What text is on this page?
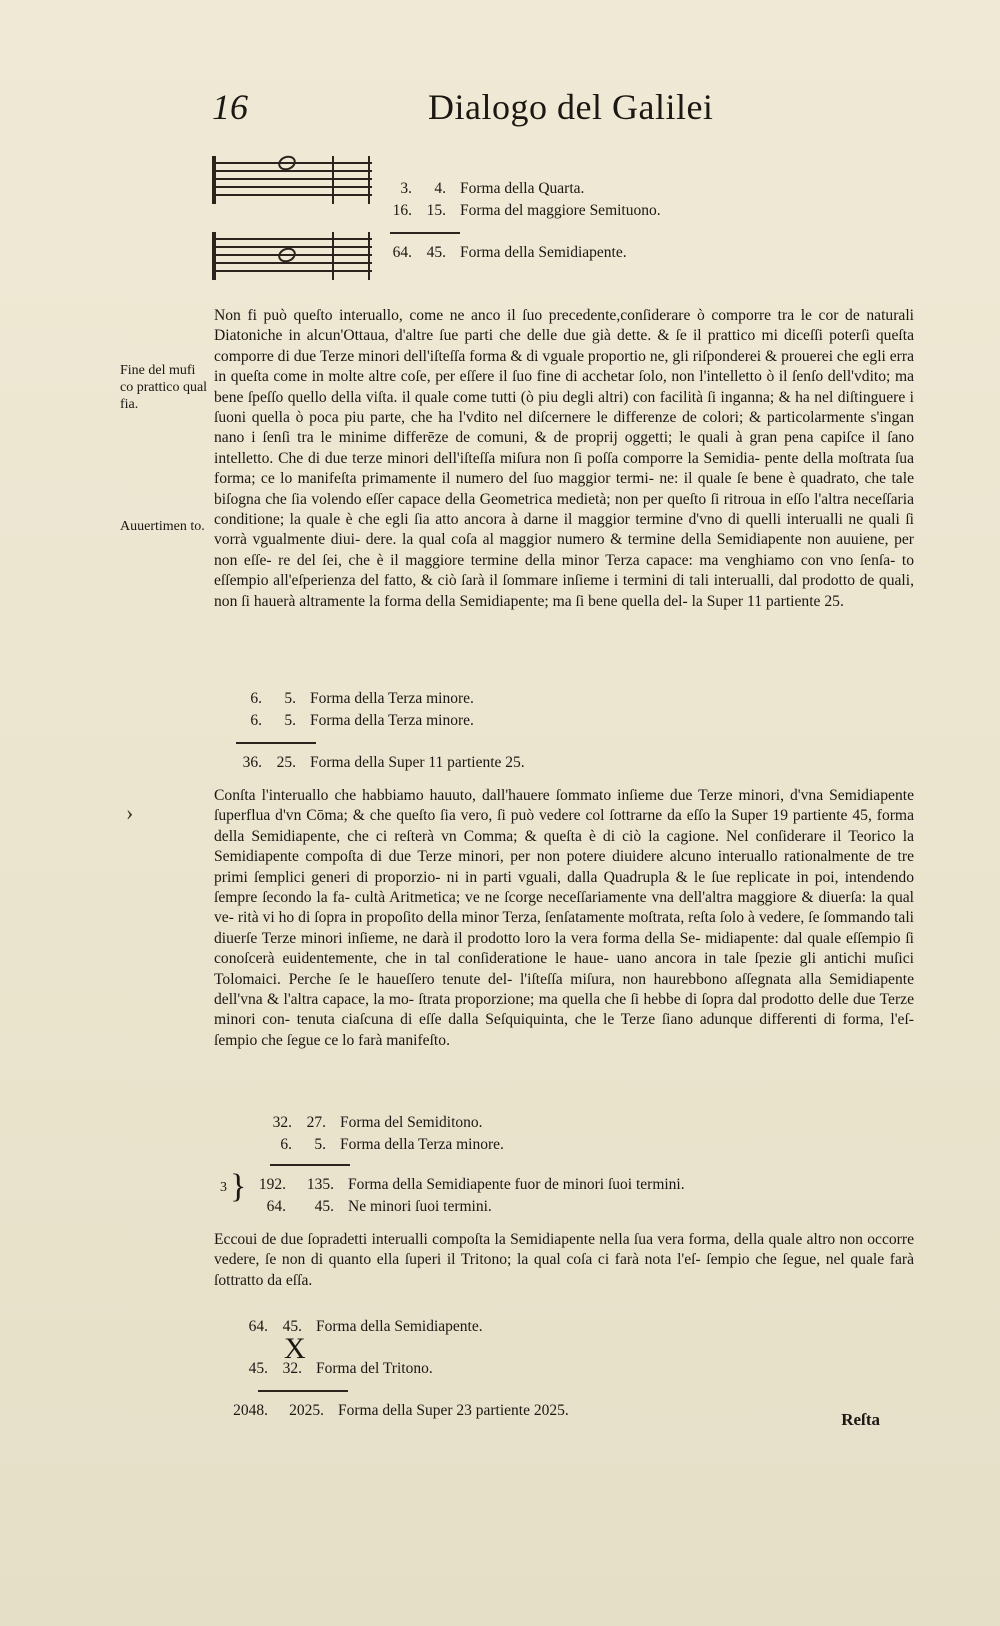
16	Dialogo del Galilei
3. 4. Forma della Quarta.
16. 15. Forma del maggiore Semituono.
64. 45. Forma della Semidiapente.
Fine del mufi co prattico qual fia.
Auuertimen to.
Non fi può queſto interuallo, come ne anco il ſuo precedente,conſiderare ò comporre tra le cor de naturali Diatoniche in alcun'Ottaua, d'altre ſue parti che delle due già dette. & ſe il prattico mi diceſſi poterſi queſta comporre di due Terze minori dell'iſteſſa forma & di vguale proportio ne, gli riſponderei & prouerei che egli erra in queſta come in molte altre coſe, per eſſere il ſuo fine di acchetar ſolo, non l'intelletto ò il ſenſo dell'vdito; ma bene ſpeſſo quello della viſta. il quale come tutti (ò piu degli altri) con facilità ſi inganna; & ha nel diſtinguere i ſuoni quella ò poca piu parte, che ha l'vdito nel diſcernere le differenze de colori; & particolarmente s'ingan nano i ſenſi tra le minime differēze de comuni, & de proprij oggetti; le quali à gran pena capiſce il ſano intelletto. Che di due terze minori dell'iſteſſa miſura non ſi poſſa comporre la Semidia- pente della moſtrata ſua forma; ce lo manifeſta primamente il numero del ſuo maggior termi- ne: il quale ſe bene è quadrato, che tale biſogna che ſia volendo eſſer capace della Geometrica medietà; non per queſto ſi ritroua in eſſo l'altra neceſſaria conditione; la quale è che egli ſia atto ancora à darne il maggior termine d'vno di quelli interualli ne quali ſi vorrà vgualmente diui- dere. la qual coſa al maggior numero & termine della Semidiapente non auuiene, per non eſſe- re del ſei, che è il maggiore termine della minor Terza capace: ma venghiamo con vno ſenſa- to eſſempio all'eſperienza del fatto, & ciò ſarà il ſommare inſieme i termini di tali interualli, dal prodotto de quali, non ſi hauerà altramente la forma della Semidiapente; ma ſi bene quella del- la Super 11 partiente 25.
6. 5. Forma della Terza minore.
6. 5. Forma della Terza minore.
36. 25. Forma della Super 11 partiente 25.
Conſta l'interuallo che habbiamo hauuto, dall'hauere ſommato inſieme due Terze minori, d'vna Semidiapente ſuperflua d'vn Cōma; & che queſto ſia vero, ſi può vedere col ſottrarne da eſſo la Super 19 partiente 45, forma della Semidiapente, che ci reſterà vn Comma; & queſta è di ciò la cagione. Nel conſiderare il Teorico la Semidiapente compoſta di due Terze minori, per non potere diuidere alcuno interuallo rationalmente de tre primi ſemplici generi di proporzio- ni in parti vguali, dalla Quadrupla & le ſue replicate in poi, intendendo ſempre ſecondo la fa- cultà Aritmetica; ve ne ſcorge neceſſariamente vna dell'altra maggiore & diuerſa: la qual ve- rità vi ho di ſopra in propoſito della minor Terza, ſenſatamente moſtrata, reſta ſolo à vedere, ſe ſommando tali diuerſe Terze minori inſieme, ne darà il prodotto loro la vera forma della Se- midiapente: dal quale eſſempio ſi conoſcerà euidentemente, che in tal conſideratione le haue- uano ancora in tale ſpezie gli antichi muſici Tolomaici. Perche ſe le haueſſero tenute del- l'iſteſſa miſura, non haurebbono aſſegnata alla Semidiapente dell'vna & l'altra capace, la mo- ſtrata proporzione; ma quella che ſi hebbe di ſopra dal prodotto delle due Terze minori con- tenuta ciaſcuna di eſſe dalla Seſquiquinta, che le Terze ſiano adunque differenti di forma, l'eſ- ſempio che ſegue ce lo farà manifeſto.
32. 27. Forma del Semiditono.
6. 5. Forma della Terza minore.
}
3	192. 135. Forma della Semidiapente fuor de minori ſuoi termini.
64. 45. Ne minori ſuoi termini.
Eccoui de due ſopradetti interualli compoſta la Semidiapente nella ſua vera forma, della quale altro non occorre vedere, ſe non di quanto ella ſuperi il Tritono; la qual coſa ci farà nota l'eſ- ſempio che ſegue, nel quale farà ſottratto da eſſa.
64. 45. Forma della Semidiapente.
X
45. 32. Forma del Tritono.
2048. 2025. Forma della Super 23 partiente 2025.	Reſta
›
